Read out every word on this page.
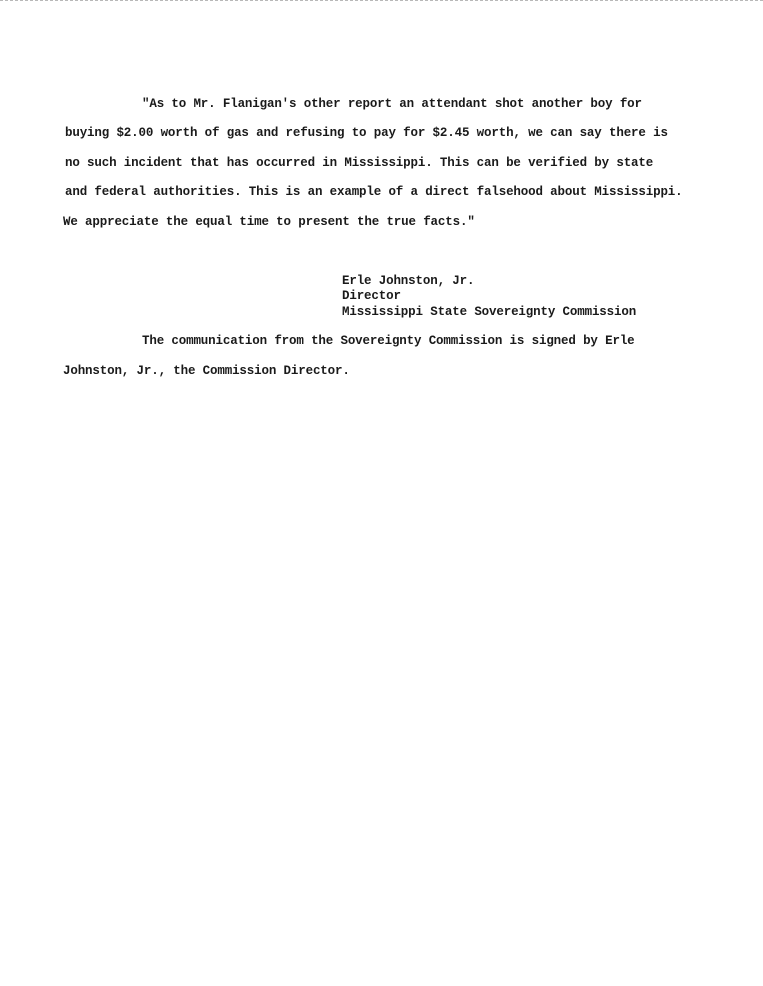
"As to Mr. Flanigan's other report an attendant shot another boy for
buying $2.00 worth of gas and refusing to pay for $2.45 worth, we can say there is
no such incident that has occurred in Mississippi. This can be verified by state
and federal authorities. This is an example of a direct falsehood about Mississippi.
We appreciate the equal time to present the true facts."
Erle Johnston, Jr.
Director
Mississippi State Sovereignty Commission
The communication from the Sovereignty Commission is signed by Erle
Johnston, Jr., the Commission Director.
